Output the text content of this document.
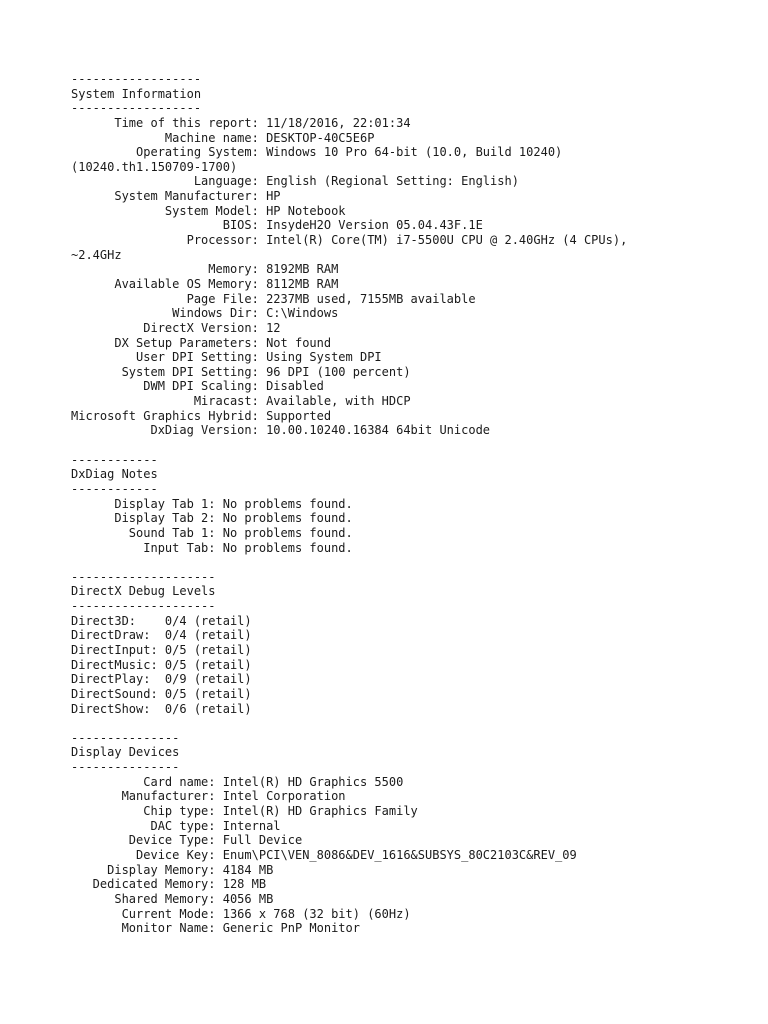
------------------
System Information
------------------
Time of this report: 11/18/2016, 22:01:34
Machine name: DESKTOP-40C5E6P
Operating System: Windows 10 Pro 64-bit (10.0, Build 10240)
(10240.th1.150709-1700)
Language: English (Regional Setting: English)
System Manufacturer: HP
System Model: HP Notebook
BIOS: InsydeH2O Version 05.04.43F.1E
Processor: Intel(R) Core(TM) i7-5500U CPU @ 2.40GHz (4 CPUs),
~2.4GHz
Memory: 8192MB RAM
Available OS Memory: 8112MB RAM
Page File: 2237MB used, 7155MB available
Windows Dir: C:\Windows
DirectX Version: 12
DX Setup Parameters: Not found
User DPI Setting: Using System DPI
System DPI Setting: 96 DPI (100 percent)
DWM DPI Scaling: Disabled
Miracast: Available, with HDCP
Microsoft Graphics Hybrid: Supported
DxDiag Version: 10.00.10240.16384 64bit Unicode
------------
DxDiag Notes
------------
Display Tab 1: No problems found.
Display Tab 2: No problems found.
Sound Tab 1: No problems found.
Input Tab: No problems found.
--------------------
DirectX Debug Levels
--------------------
Direct3D:    0/4 (retail)
DirectDraw:  0/4 (retail)
DirectInput: 0/5 (retail)
DirectMusic: 0/5 (retail)
DirectPlay:  0/9 (retail)
DirectSound: 0/5 (retail)
DirectShow:  0/6 (retail)
---------------
Display Devices
---------------
Card name: Intel(R) HD Graphics 5500
Manufacturer: Intel Corporation
Chip type: Intel(R) HD Graphics Family
DAC type: Internal
Device Type: Full Device
Device Key: Enum\PCI\VEN_8086&DEV_1616&SUBSYS_80C2103C&REV_09
Display Memory: 4184 MB
Dedicated Memory: 128 MB
Shared Memory: 4056 MB
Current Mode: 1366 x 768 (32 bit) (60Hz)
Monitor Name: Generic PnP Monitor
